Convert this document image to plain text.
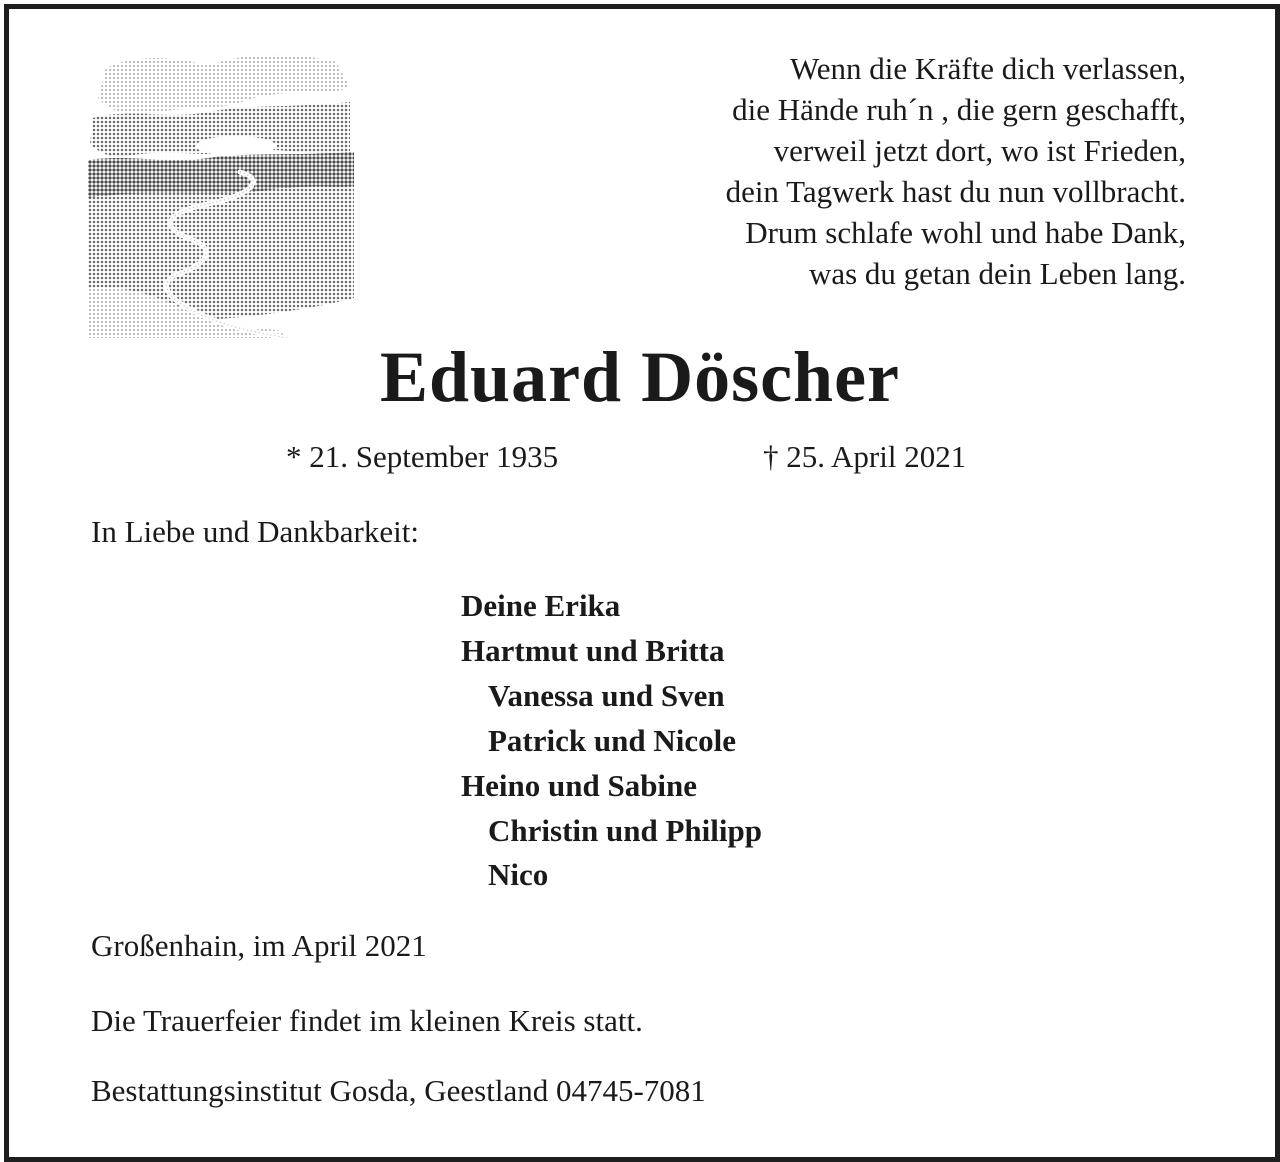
Wenn die Kräfte dich verlassen,
die Hände ruh´n , die gern geschafft,
verweil jetzt dort, wo ist Frieden,
dein Tagwerk hast du nun vollbracht.
Drum schlafe wohl und habe Dank,
was du getan dein Leben lang.
Eduard Döscher
* 21. September 1935	† 25. April 2021
In Liebe und Dankbarkeit:
Deine Erika
Hartmut und Britta
Vanessa und Sven
Patrick und Nicole
Heino und Sabine
Christin und Philipp
Nico
Großenhain, im April 2021
Die Trauerfeier findet im kleinen Kreis statt.
Bestattungsinstitut Gosda, Geestland 04745-7081
